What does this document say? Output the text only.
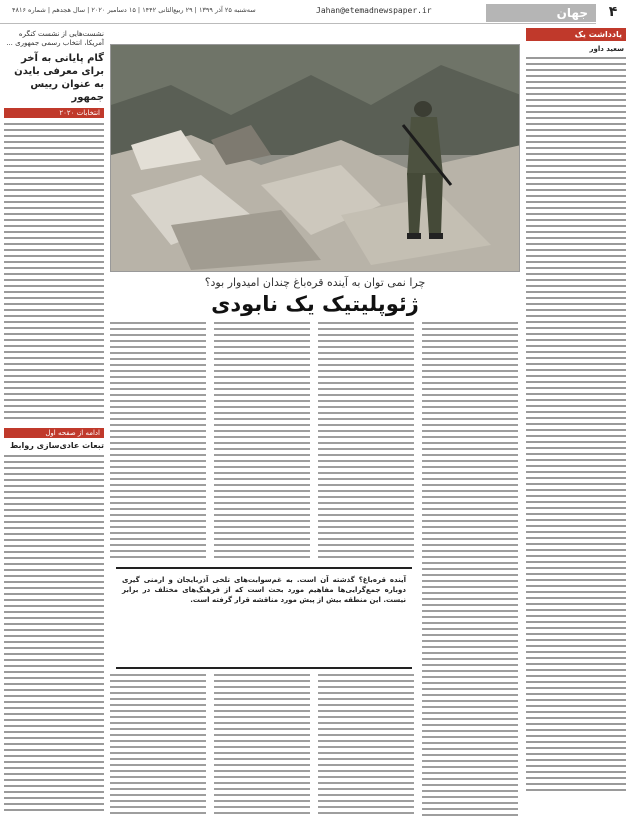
۴
جهان
Jahan@etemadnewspaper.ir
سه‌شنبه ۲۵ آذر ۱۳۹۹ | ۲۹ ربیع‌الثانی ۱۴۴۲ | ۱۵ دسامبر ۲۰۲۰ | سال هجدهم | شماره ۴۸۱۶
یادداشت یک
سعید داور
نشست‌هایی از نشست کنگره آمریکا، انتخاب رسمی جمهوری ...
گام پایانی به آخر برای معرفی بایدن به عنوان رییس جمهور
انتخابات ۲۰۲۰
ادامه از صفحه اول
تبعات عادی‌سازی روابط
چرا نمی توان به آینده قره‌باغ چندان امیدوار بود؟
ژئوپلیتیک یک نابودی
آینده قره‌باغ؟ گذشته آن است. به غم‌سوابت‌های تلخی آذربایجان و ارمنی گیری دوباره جمع‌گرایی‌ها مفاهیم مورد بحث است که از فرهنگ‌های مختلف در برابر نیست. این منطقه بیش از پیش مورد مناقشه قرار گرفته است.
